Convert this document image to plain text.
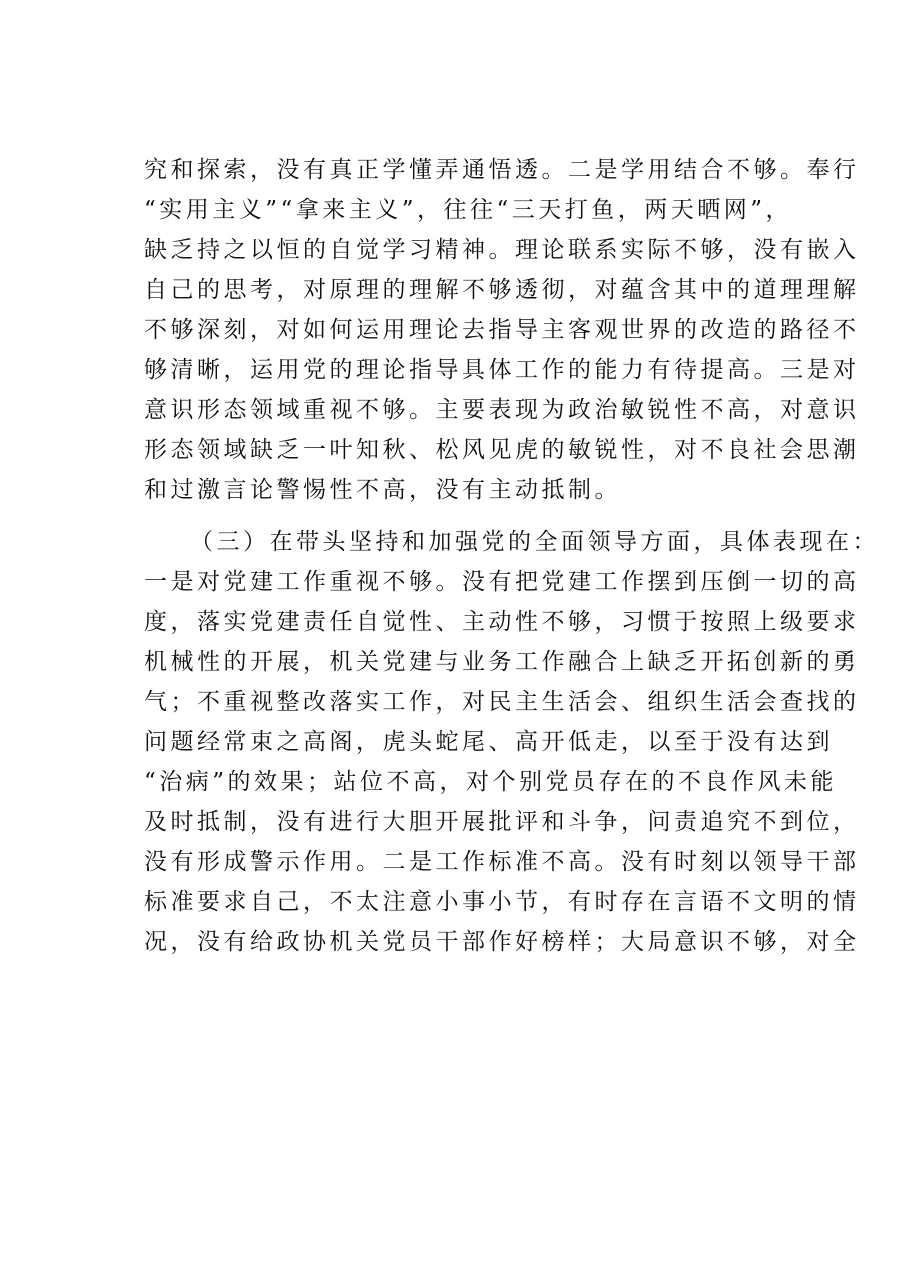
究和探索，没有真正学懂弄通悟透。二是学用结合不够。奉行
“实用主义”“拿来主义”，往往“三天打鱼，两天晒网”，
缺乏持之以恒的自觉学习精神。理论联系实际不够，没有嵌入
自己的思考，对原理的理解不够透彻，对蕴含其中的道理理解
不够深刻，对如何运用理论去指导主客观世界的改造的路径不
够清晰，运用党的理论指导具体工作的能力有待提高。三是对
意识形态领域重视不够。主要表现为政治敏锐性不高，对意识
形态领域缺乏一叶知秋、松风见虎的敏锐性，对不良社会思潮
和过激言论警惕性不高，没有主动抵制。
（三）在带头坚持和加强党的全面领导方面，具体表现在：
一是对党建工作重视不够。没有把党建工作摆到压倒一切的高
度，落实党建责任自觉性、主动性不够，习惯于按照上级要求
机械性的开展，机关党建与业务工作融合上缺乏开拓创新的勇
气；不重视整改落实工作，对民主生活会、组织生活会查找的
问题经常束之高阁，虎头蛇尾、高开低走，以至于没有达到
“治病”的效果；站位不高，对个别党员存在的不良作风未能
及时抵制，没有进行大胆开展批评和斗争，问责追究不到位，
没有形成警示作用。二是工作标准不高。没有时刻以领导干部
标准要求自己，不太注意小事小节，有时存在言语不文明的情
况，没有给政协机关党员干部作好榜样；大局意识不够，对全
